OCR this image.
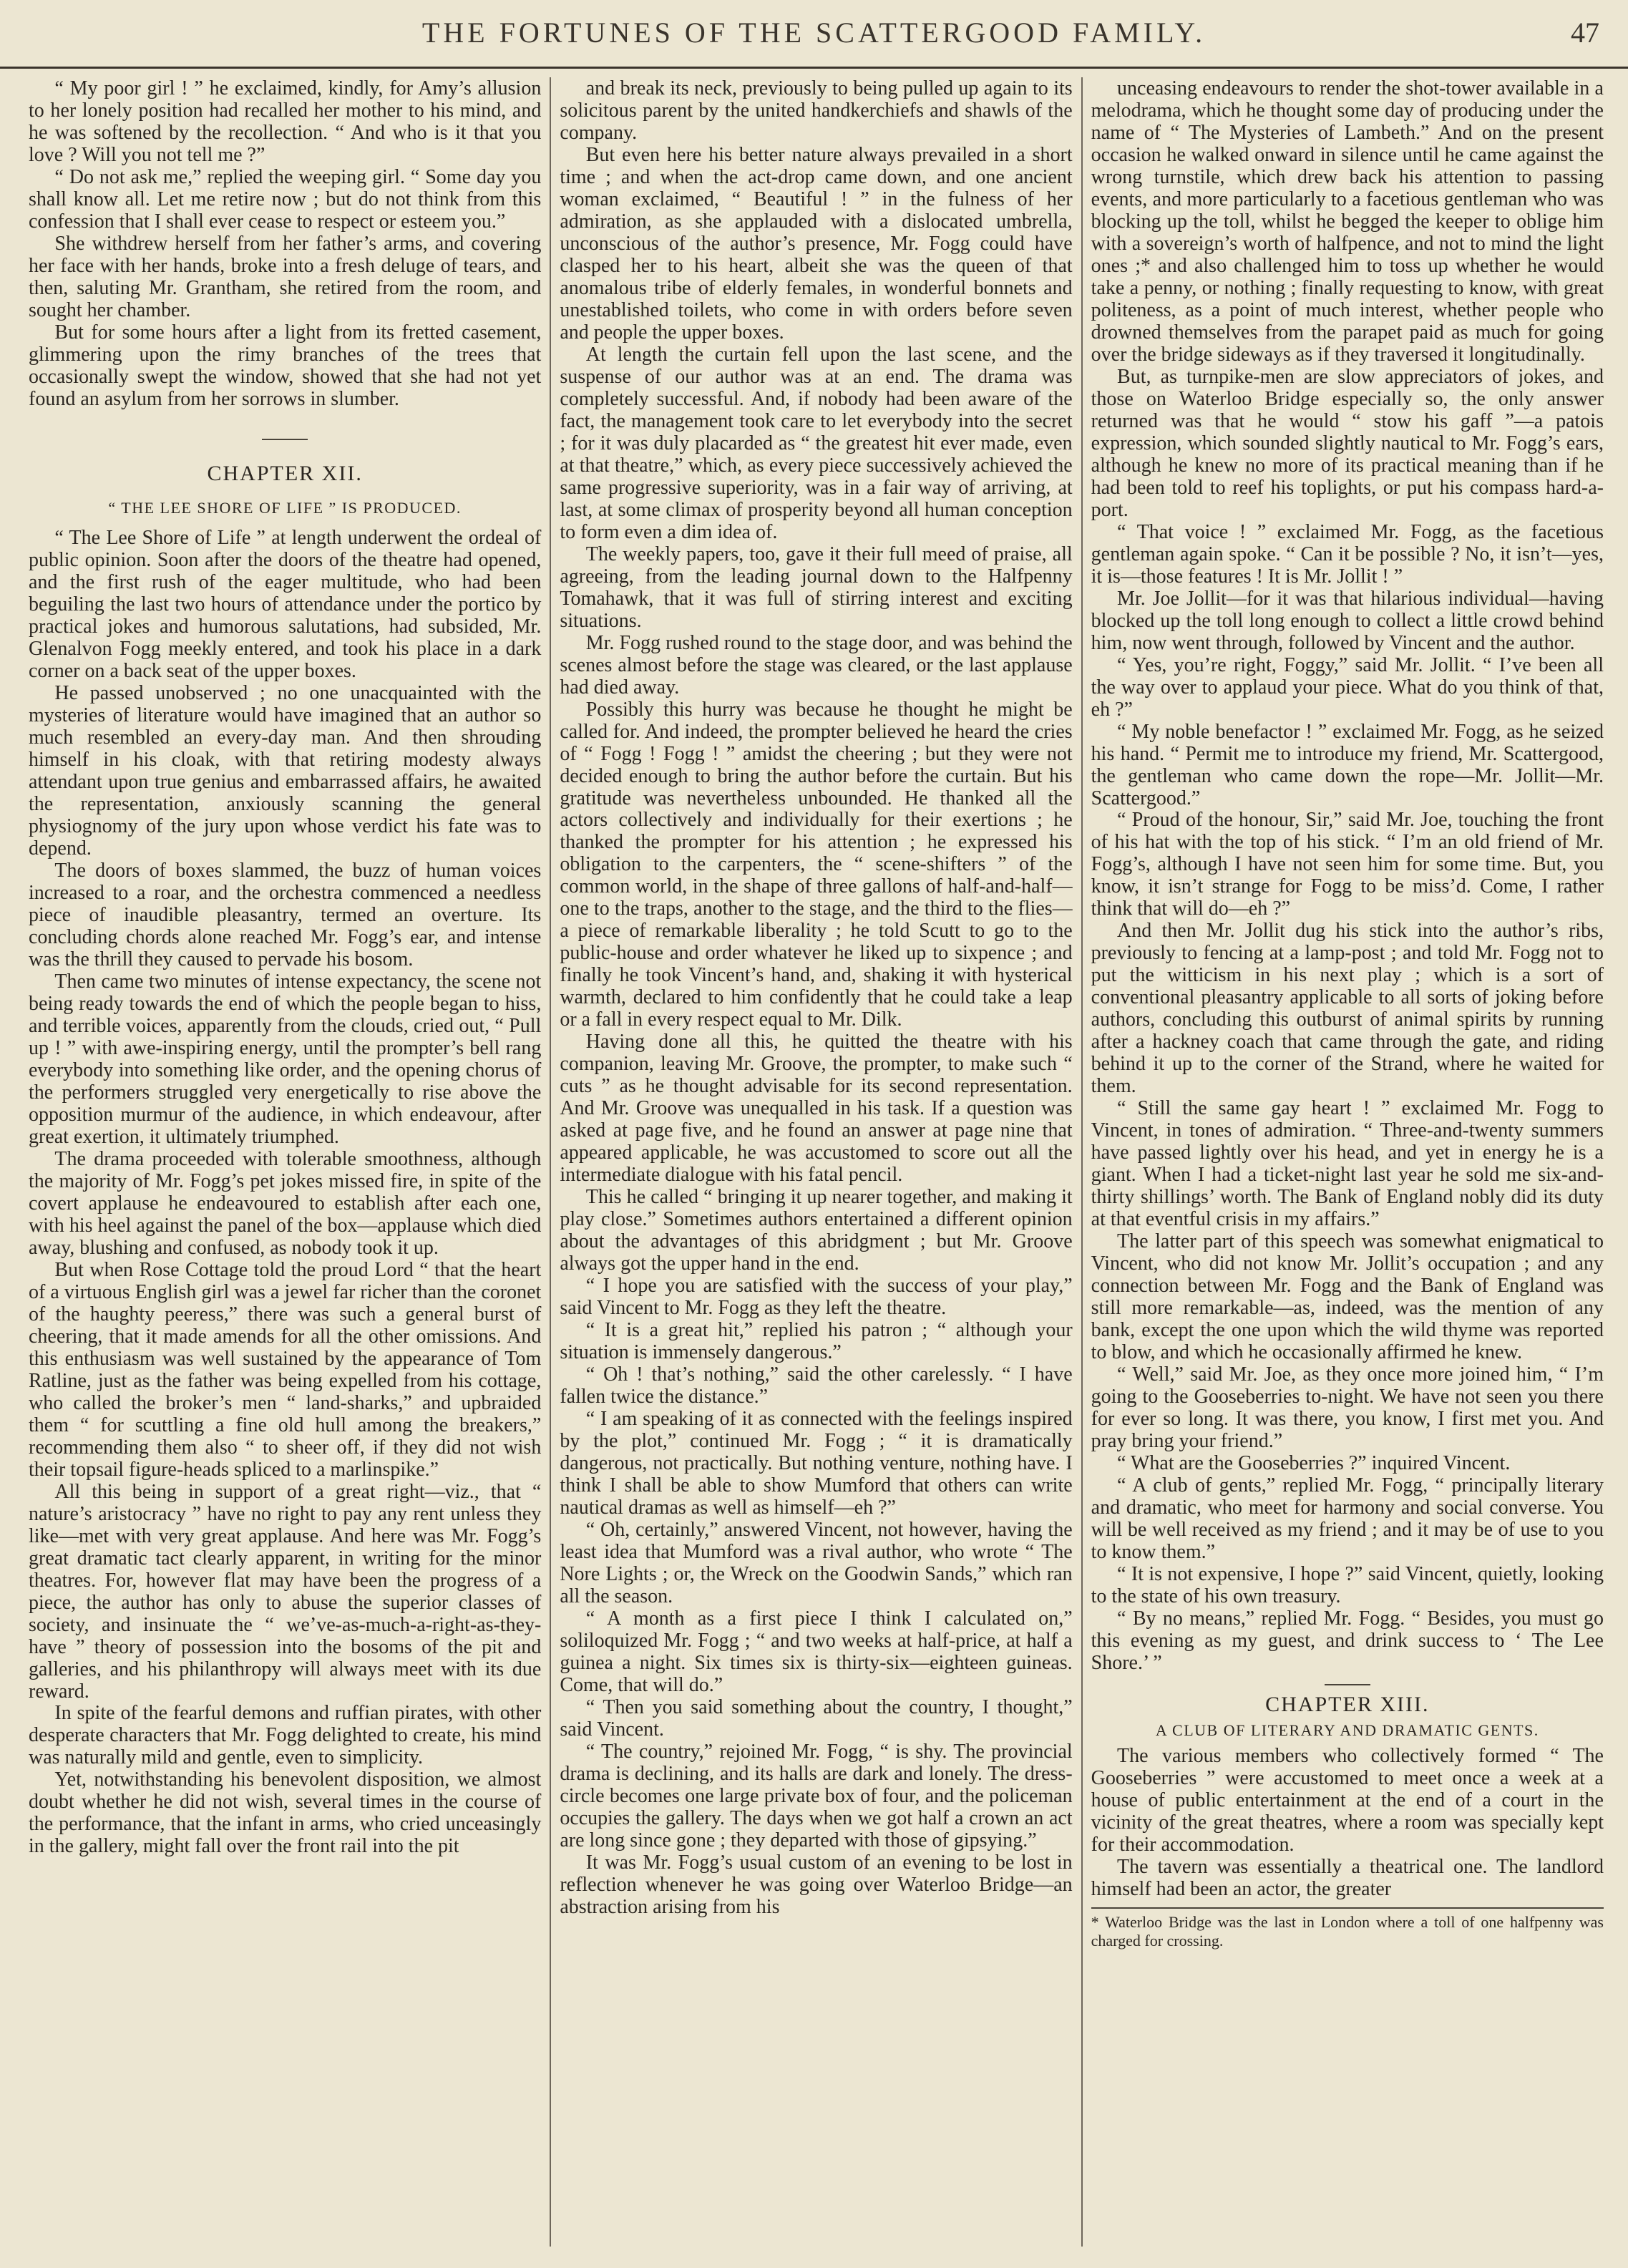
THE FORTUNES OF THE SCATTERGOOD FAMILY.	47

“ My poor girl ! ” he exclaimed, kindly, for Amy’s allusion to her lonely position had recalled her mother to his mind, and he was softened by the recollection. “ And who is it that you love ? Will you not tell me ?”

“ Do not ask me,” replied the weeping girl. “ Some day you shall know all. Let me retire now ; but do not think from this confession that I shall ever cease to respect or esteem you.”

She withdrew herself from her father’s arms, and covering her face with her hands, broke into a fresh deluge of tears, and then, saluting Mr. Grantham, she retired from the room, and sought her chamber.

But for some hours after a light from its fretted casement, glimmering upon the rimy branches of the trees that occasionally swept the window, showed that she had not yet found an asylum from her sorrows in slumber.

CHAPTER XII.
“ THE LEE SHORE OF LIFE ” IS PRODUCED.

“ The Lee Shore of Life ” at length underwent the ordeal of public opinion. Soon after the doors of the theatre had opened, and the first rush of the eager multitude, who had been beguiling the last two hours of attendance under the portico by practical jokes and humorous salutations, had subsided, Mr. Glenalvon Fogg meekly entered, and took his place in a dark corner on a back seat of the upper boxes.

He passed unobserved ; no one unacquainted with the mysteries of literature would have imagined that an author so much resembled an every-day man. And then shrouding himself in his cloak, with that retiring modesty always attendant upon true genius and embarrassed affairs, he awaited the representation, anxiously scanning the general physiognomy of the jury upon whose verdict his fate was to depend.

The doors of boxes slammed, the buzz of human voices increased to a roar, and the orchestra commenced a needless piece of inaudible pleasantry, termed an overture. Its concluding chords alone reached Mr. Fogg’s ear, and intense was the thrill they caused to pervade his bosom.

Then came two minutes of intense expectancy, the scene not being ready towards the end of which the people began to hiss, and terrible voices, apparently from the clouds, cried out, “ Pull up ! ” with awe-inspiring energy, until the prompter’s bell rang everybody into something like order, and the opening chorus of the performers struggled very energetically to rise above the opposition murmur of the audience, in which endeavour, after great exertion, it ultimately triumphed.

The drama proceeded with tolerable smoothness, although the majority of Mr. Fogg’s pet jokes missed fire, in spite of the covert applause he endeavoured to establish after each one, with his heel against the panel of the box—applause which died away, blushing and confused, as nobody took it up.

But when Rose Cottage told the proud Lord “ that the heart of a virtuous English girl was a jewel far richer than the coronet of the haughty peeress,” there was such a general burst of cheering, that it made amends for all the other omissions. And this enthusiasm was well sustained by the appearance of Tom Ratline, just as the father was being expelled from his cottage, who called the broker’s men “ land-sharks,” and upbraided them “ for scuttling a fine old hull among the breakers,” recommending them also “ to sheer off, if they did not wish their topsail figure-heads spliced to a marlinspike.”

All this being in support of a great right—viz., that “ nature’s aristocracy ” have no right to pay any rent unless they like—met with very great applause. And here was Mr. Fogg’s great dramatic tact clearly apparent, in writing for the minor theatres. For, however flat may have been the progress of a piece, the author has only to abuse the superior classes of society, and insinuate the “ we’ve-as-much-a-right-as-they-have ” theory of possession into the bosoms of the pit and galleries, and his philanthropy will always meet with its due reward.

In spite of the fearful demons and ruffian pirates, with other desperate characters that Mr. Fogg delighted to create, his mind was naturally mild and gentle, even to simplicity.

Yet, notwithstanding his benevolent disposition, we almost doubt whether he did not wish, several times in the course of the performance, that the infant in arms, who cried unceasingly in the gallery, might fall over the front rail into the pit

and break its neck, previously to being pulled up again to its solicitous parent by the united handkerchiefs and shawls of the company.

But even here his better nature always prevailed in a short time ; and when the act-drop came down, and one ancient woman exclaimed, “ Beautiful ! ” in the fulness of her admiration, as she applauded with a dislocated umbrella, unconscious of the author’s presence, Mr. Fogg could have clasped her to his heart, albeit she was the queen of that anomalous tribe of elderly females, in wonderful bonnets and unestablished toilets, who come in with orders before seven and people the upper boxes.

At length the curtain fell upon the last scene, and the suspense of our author was at an end. The drama was completely successful. And, if nobody had been aware of the fact, the management took care to let everybody into the secret ; for it was duly placarded as “ the greatest hit ever made, even at that theatre,” which, as every piece successively achieved the same progressive superiority, was in a fair way of arriving, at last, at some climax of prosperity beyond all human conception to form even a dim idea of.

The weekly papers, too, gave it their full meed of praise, all agreeing, from the leading journal down to the Halfpenny Tomahawk, that it was full of stirring interest and exciting situations.

Mr. Fogg rushed round to the stage door, and was behind the scenes almost before the stage was cleared, or the last applause had died away.

Possibly this hurry was because he thought he might be called for. And indeed, the prompter believed he heard the cries of “ Fogg ! Fogg ! ” amidst the cheering ; but they were not decided enough to bring the author before the curtain. But his gratitude was nevertheless unbounded. He thanked all the actors collectively and individually for their exertions ; he thanked the prompter for his attention ; he expressed his obligation to the carpenters, the “ scene-shifters ” of the common world, in the shape of three gallons of half-and-half—one to the traps, another to the stage, and the third to the flies—a piece of remarkable liberality ; he told Scutt to go to the public-house and order whatever he liked up to sixpence ; and finally he took Vincent’s hand, and, shaking it with hysterical warmth, declared to him confidently that he could take a leap or a fall in every respect equal to Mr. Dilk.

Having done all this, he quitted the theatre with his companion, leaving Mr. Groove, the prompter, to make such “ cuts ” as he thought advisable for its second representation. And Mr. Groove was unequalled in his task. If a question was asked at page five, and he found an answer at page nine that appeared applicable, he was accustomed to score out all the intermediate dialogue with his fatal pencil.

This he called “ bringing it up nearer together, and making it play close.” Sometimes authors entertained a different opinion about the advantages of this abridgment ; but Mr. Groove always got the upper hand in the end.

“ I hope you are satisfied with the success of your play,” said Vincent to Mr. Fogg as they left the theatre.

“ It is a great hit,” replied his patron ; “ although your situation is immensely dangerous.”

“ Oh ! that’s nothing,” said the other carelessly. “ I have fallen twice the distance.”

“ I am speaking of it as connected with the feelings inspired by the plot,” continued Mr. Fogg ; “ it is dramatically dangerous, not practically. But nothing venture, nothing have. I think I shall be able to show Mumford that others can write nautical dramas as well as himself—eh ?”

“ Oh, certainly,” answered Vincent, not however, having the least idea that Mumford was a rival author, who wrote “ The Nore Lights ; or, the Wreck on the Goodwin Sands,” which ran all the season.

“ A month as a first piece I think I calculated on,” soliloquized Mr. Fogg ; “ and two weeks at half-price, at half a guinea a night. Six times six is thirty-six—eighteen guineas. Come, that will do.”

“ Then you said something about the country, I thought,” said Vincent.

“ The country,” rejoined Mr. Fogg, “ is shy. The provincial drama is declining, and its halls are dark and lonely. The dress-circle becomes one large private box of four, and the policeman occupies the gallery. The days when we got half a crown an act are long since gone ; they departed with those of gipsying.”

It was Mr. Fogg’s usual custom of an evening to be lost in reflection whenever he was going over Waterloo Bridge—an abstraction arising from his

unceasing endeavours to render the shot-tower available in a melodrama, which he thought some day of producing under the name of “ The Mysteries of Lambeth.” And on the present occasion he walked onward in silence until he came against the wrong turnstile, which drew back his attention to passing events, and more particularly to a facetious gentleman who was blocking up the toll, whilst he begged the keeper to oblige him with a sovereign’s worth of halfpence, and not to mind the light ones ;* and also challenged him to toss up whether he would take a penny, or nothing ; finally requesting to know, with great politeness, as a point of much interest, whether people who drowned themselves from the parapet paid as much for going over the bridge sideways as if they traversed it longitudinally.

But, as turnpike-men are slow appreciators of jokes, and those on Waterloo Bridge especially so, the only answer returned was that he would “ stow his gaff ”—a patois expression, which sounded slightly nautical to Mr. Fogg’s ears, although he knew no more of its practical meaning than if he had been told to reef his toplights, or put his compass hard-a-port.

“ That voice ! ” exclaimed Mr. Fogg, as the facetious gentleman again spoke. “ Can it be possible ? No, it isn’t—yes, it is—those features ! It is Mr. Jollit ! ”

Mr. Joe Jollit—for it was that hilarious individual—having blocked up the toll long enough to collect a little crowd behind him, now went through, followed by Vincent and the author.

“ Yes, you’re right, Foggy,” said Mr. Jollit. “ I’ve been all the way over to applaud your piece. What do you think of that, eh ?”

“ My noble benefactor ! ” exclaimed Mr. Fogg, as he seized his hand. “ Permit me to introduce my friend, Mr. Scattergood, the gentleman who came down the rope—Mr. Jollit—Mr. Scattergood.”

“ Proud of the honour, Sir,” said Mr. Joe, touching the front of his hat with the top of his stick. “ I’m an old friend of Mr. Fogg’s, although I have not seen him for some time. But, you know, it isn’t strange for Fogg to be miss’d. Come, I rather think that will do—eh ?”

And then Mr. Jollit dug his stick into the author’s ribs, previously to fencing at a lamp-post ; and told Mr. Fogg not to put the witticism in his next play ; which is a sort of conventional pleasantry applicable to all sorts of joking before authors, concluding this outburst of animal spirits by running after a hackney coach that came through the gate, and riding behind it up to the corner of the Strand, where he waited for them.

“ Still the same gay heart ! ” exclaimed Mr. Fogg to Vincent, in tones of admiration. “ Three-and-twenty summers have passed lightly over his head, and yet in energy he is a giant. When I had a ticket-night last year he sold me six-and-thirty shillings’ worth. The Bank of England nobly did its duty at that eventful crisis in my affairs.”

The latter part of this speech was somewhat enigmatical to Vincent, who did not know Mr. Jollit’s occupation ; and any connection between Mr. Fogg and the Bank of England was still more remarkable—as, indeed, was the mention of any bank, except the one upon which the wild thyme was reported to blow, and which he occasionally affirmed he knew.

“ Well,” said Mr. Joe, as they once more joined him, “ I’m going to the Gooseberries to-night. We have not seen you there for ever so long. It was there, you know, I first met you. And pray bring your friend.”

“ What are the Gooseberries ?” inquired Vincent.

“ A club of gents,” replied Mr. Fogg, “ principally literary and dramatic, who meet for harmony and social converse. You will be well received as my friend ; and it may be of use to you to know them.”

“ It is not expensive, I hope ?” said Vincent, quietly, looking to the state of his own treasury.

“ By no means,” replied Mr. Fogg. “ Besides, you must go this evening as my guest, and drink success to ‘ The Lee Shore.’ ”

CHAPTER XIII.
A CLUB OF LITERARY AND DRAMATIC GENTS.

The various members who collectively formed “ The Gooseberries ” were accustomed to meet once a week at a house of public entertainment at the end of a court in the vicinity of the great theatres, where a room was specially kept for their accommodation.

The tavern was essentially a theatrical one. The landlord himself had been an actor, the greater

* Waterloo Bridge was the last in London where a toll of one halfpenny was charged for crossing.
